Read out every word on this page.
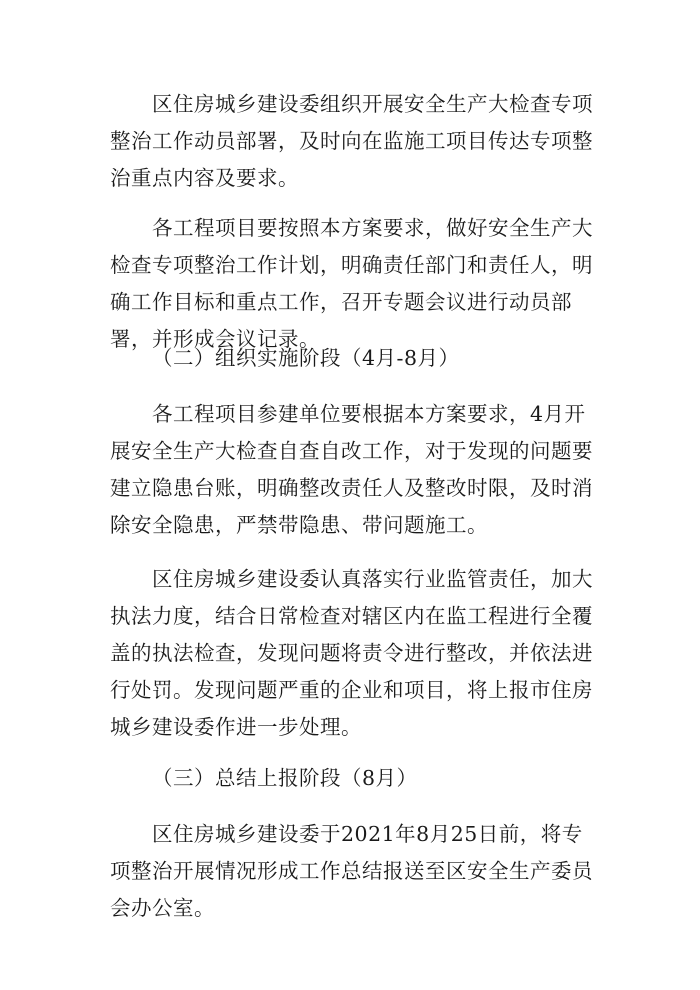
区住房城乡建设委组织开展安全生产大检查专项整治工作动员部署，及时向在监施工项目传达专项整治重点内容及要求。

各工程项目要按照本方案要求，做好安全生产大检查专项整治工作计划，明确责任部门和责任人，明确工作目标和重点工作，召开专题会议进行动员部署，并形成会议记录。

（二）组织实施阶段（4月-8月）

各工程项目参建单位要根据本方案要求，4月开展安全生产大检查自查自改工作，对于发现的问题要建立隐患台账，明确整改责任人及整改时限，及时消除安全隐患，严禁带隐患、带问题施工。

区住房城乡建设委认真落实行业监管责任，加大执法力度，结合日常检查对辖区内在监工程进行全覆盖的执法检查，发现问题将责令进行整改，并依法进行处罚。发现问题严重的企业和项目，将上报市住房城乡建设委作进一步处理。

（三）总结上报阶段（8月）

区住房城乡建设委于2021年8月25日前，将专项整治开展情况形成工作总结报送至区安全生产委员会办公室。
